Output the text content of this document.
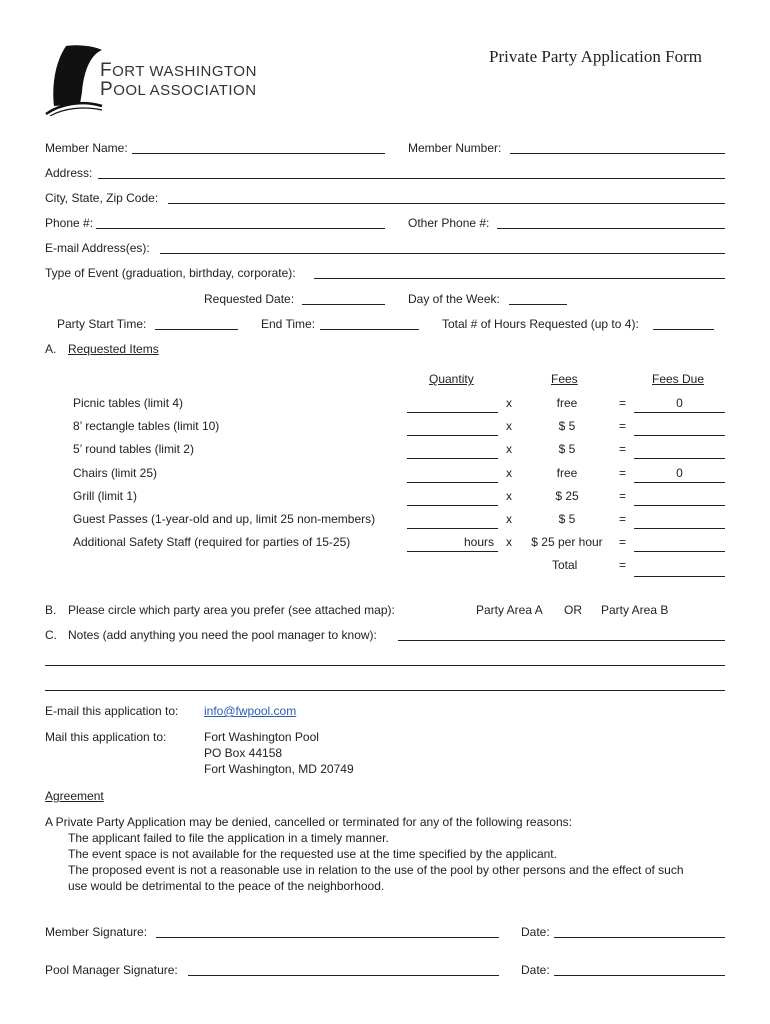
FORT WASHINGTON
POOL ASSOCIATION
Private Party Application Form
Member Name:	Member Number:
Address:
City, State, Zip Code:
Phone #:	Other Phone #:
E-mail Address(es):
Type of Event (graduation, birthday, corporate):
Requested Date:	Day of the Week:
Party Start Time:	End Time:	Total # of Hours Requested (up to 4):
A. Requested Items
Quantity	Fees	Fees Due
Picnic tables (limit 4)	x	free	=	0
8’ rectangle tables (limit 10)	x	$ 5	=
5’ round tables (limit 2)	x	$ 5	=
Chairs (limit 25)	x	free	=	0
Grill (limit 1)	x	$ 25	=
Guest Passes (1-year-old and up, limit 25 non-members)	x	$ 5	=
Additional Safety Staff (required for parties of 15-25)	hours x	$ 25 per hour	=
Total	=
B. Please circle which party area you prefer (see attached map):	Party Area A OR Party Area B
C. Notes (add anything you need the pool manager to know):
E-mail this application to: info@fwpool.com
Mail this application to:	Fort Washington Pool
PO Box 44158
Fort Washington, MD 20749
Agreement
A Private Party Application may be denied, cancelled or terminated for any of the following reasons:
The applicant failed to file the application in a timely manner.
The event space is not available for the requested use at the time specified by the applicant.
The proposed event is not a reasonable use in relation to the use of the pool by other persons and the effect of such
use would be detrimental to the peace of the neighborhood.
Member Signature:	Date:
Pool Manager Signature:	Date:
